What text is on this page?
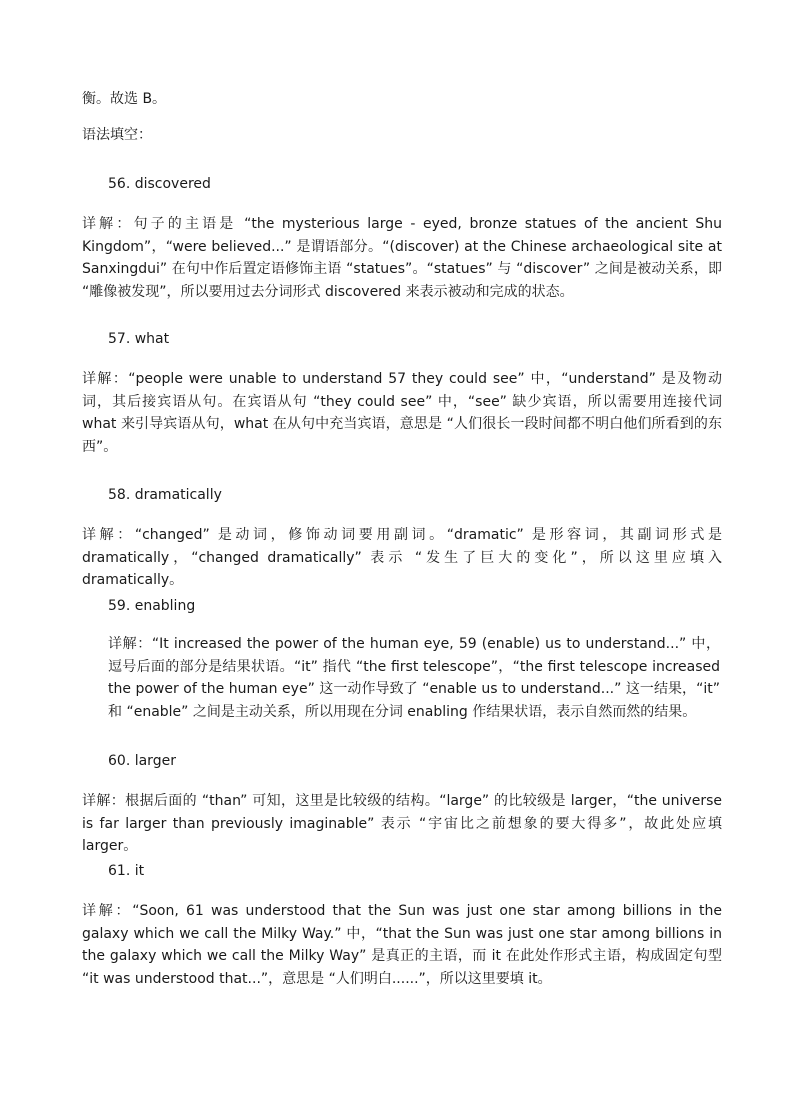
衡。故选 B。
语法填空：
56. discovered
详解：句子的主语是 “the mysterious large - eyed, bronze statues of the ancient Shu Kingdom”，“were believed...” 是谓语部分。“(discover) at the Chinese archaeological site at Sanxingdui” 在句中作后置定语修饰主语 “statues”。“statues” 与 “discover” 之间是被动关系，即 “雕像被发现”，所以要用过去分词形式 discovered 来表示被动和完成的状态。
57. what
详解：“people were unable to understand 57 they could see” 中，“understand” 是及物动词，其后接宾语从句。在宾语从句 “they could see” 中，“see” 缺少宾语，所以需要用连接代词 what 来引导宾语从句，what 在从句中充当宾语，意思是 “人们很长一段时间都不明白他们所看到的东西”。
58. dramatically
详解：“changed” 是动词，修饰动词要用副词。“dramatic” 是形容词，其副词形式是 dramatically，“changed dramatically” 表示 “发生了巨大的变化”，所以这里应填入 dramatically。
59. enabling
详解：“It increased the power of the human eye, 59 (enable) us to understand...” 中，逗号后面的部分是结果状语。“it” 指代 “the first telescope”，“the first telescope increased the power of the human eye” 这一动作导致了 “enable us to understand...” 这一结果，“it” 和 “enable” 之间是主动关系，所以用现在分词 enabling 作结果状语，表示自然而然的结果。
60. larger
详解：根据后面的 “than” 可知，这里是比较级的结构。“large” 的比较级是 larger，“the universe is far larger than previously imaginable” 表示 “宇宙比之前想象的要大得多”，故此处应填 larger。
61. it
详解：“Soon, 61 was understood that the Sun was just one star among billions in the galaxy which we call the Milky Way.” 中，“that the Sun was just one star among billions in the galaxy which we call the Milky Way” 是真正的主语，而 it 在此处作形式主语，构成固定句型 “it was understood that...”，意思是 “人们明白......”，所以这里要填 it。
